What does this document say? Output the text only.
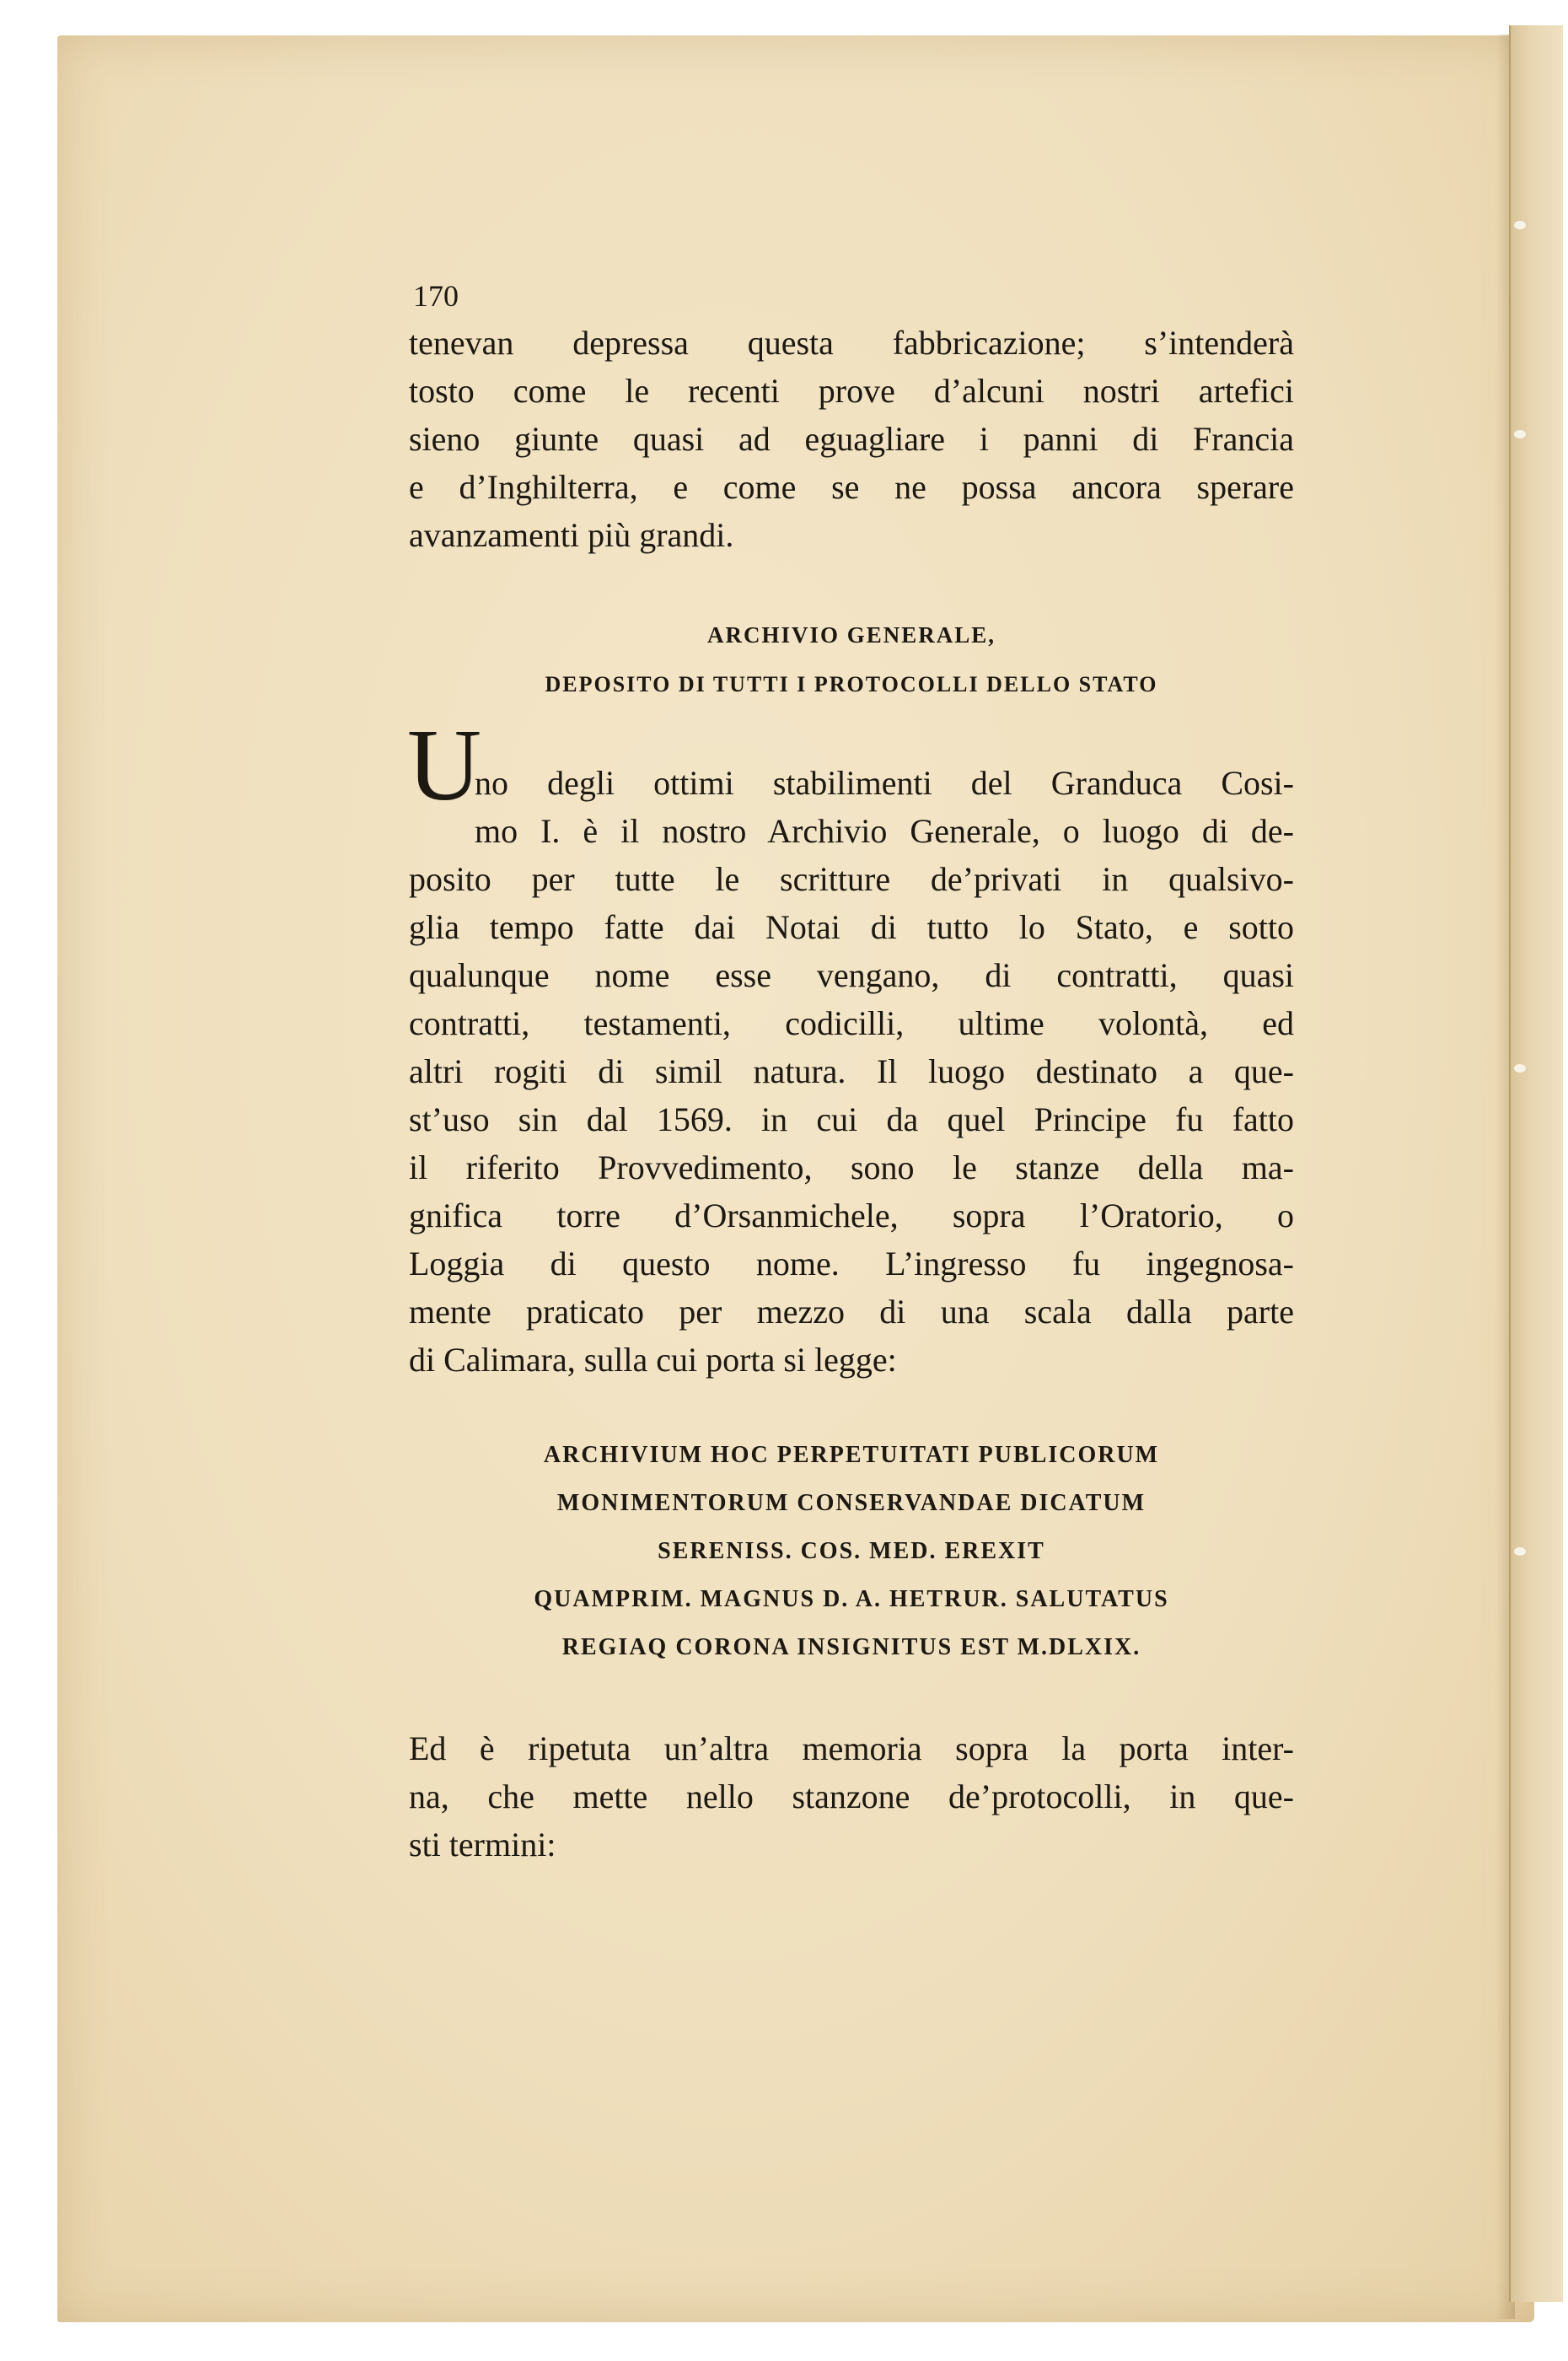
170
tenevan depressa questa fabbricazione; s’intenderà
tosto come le recenti prove d’alcuni nostri artefici
sieno giunte quasi ad eguagliare i panni di Francia
e d’Inghilterra, e come se ne possa ancora sperare
avanzamenti più grandi.
ARCHIVIO GENERALE,
DEPOSITO DI TUTTI I PROTOCOLLI DELLO STATO
U
no degli ottimi stabilimenti del Granduca Cosi-
mo I. è il nostro Archivio Generale, o luogo di de-
posito per tutte le scritture de’privati in qualsivo-
glia tempo fatte dai Notai di tutto lo Stato, e sotto
qualunque nome esse vengano, di contratti, quasi
contratti, testamenti, codicilli, ultime volontà, ed
altri rogiti di simil natura. Il luogo destinato a que-
st’uso sin dal 1569. in cui da quel Principe fu fatto
il riferito Provvedimento, sono le stanze della ma-
gnifica torre d’Orsanmichele, sopra l’Oratorio, o
Loggia di questo nome. L’ingresso fu ingegnosa-
mente praticato per mezzo di una scala dalla parte
di Calimara, sulla cui porta si legge:
ARCHIVIUM HOC PERPETUITATI PUBLICORUM
MONIMENTORUM CONSERVANDAE DICATUM
SERENISS. COS. MED. EREXIT
QUAMPRIM. MAGNUS D. A. HETRUR. SALUTATUS
REGIAQ CORONA INSIGNITUS EST M.DLXIX.
Ed è ripetuta un’altra memoria sopra la porta inter-
na, che mette nello stanzone de’protocolli, in que-
sti termini:
